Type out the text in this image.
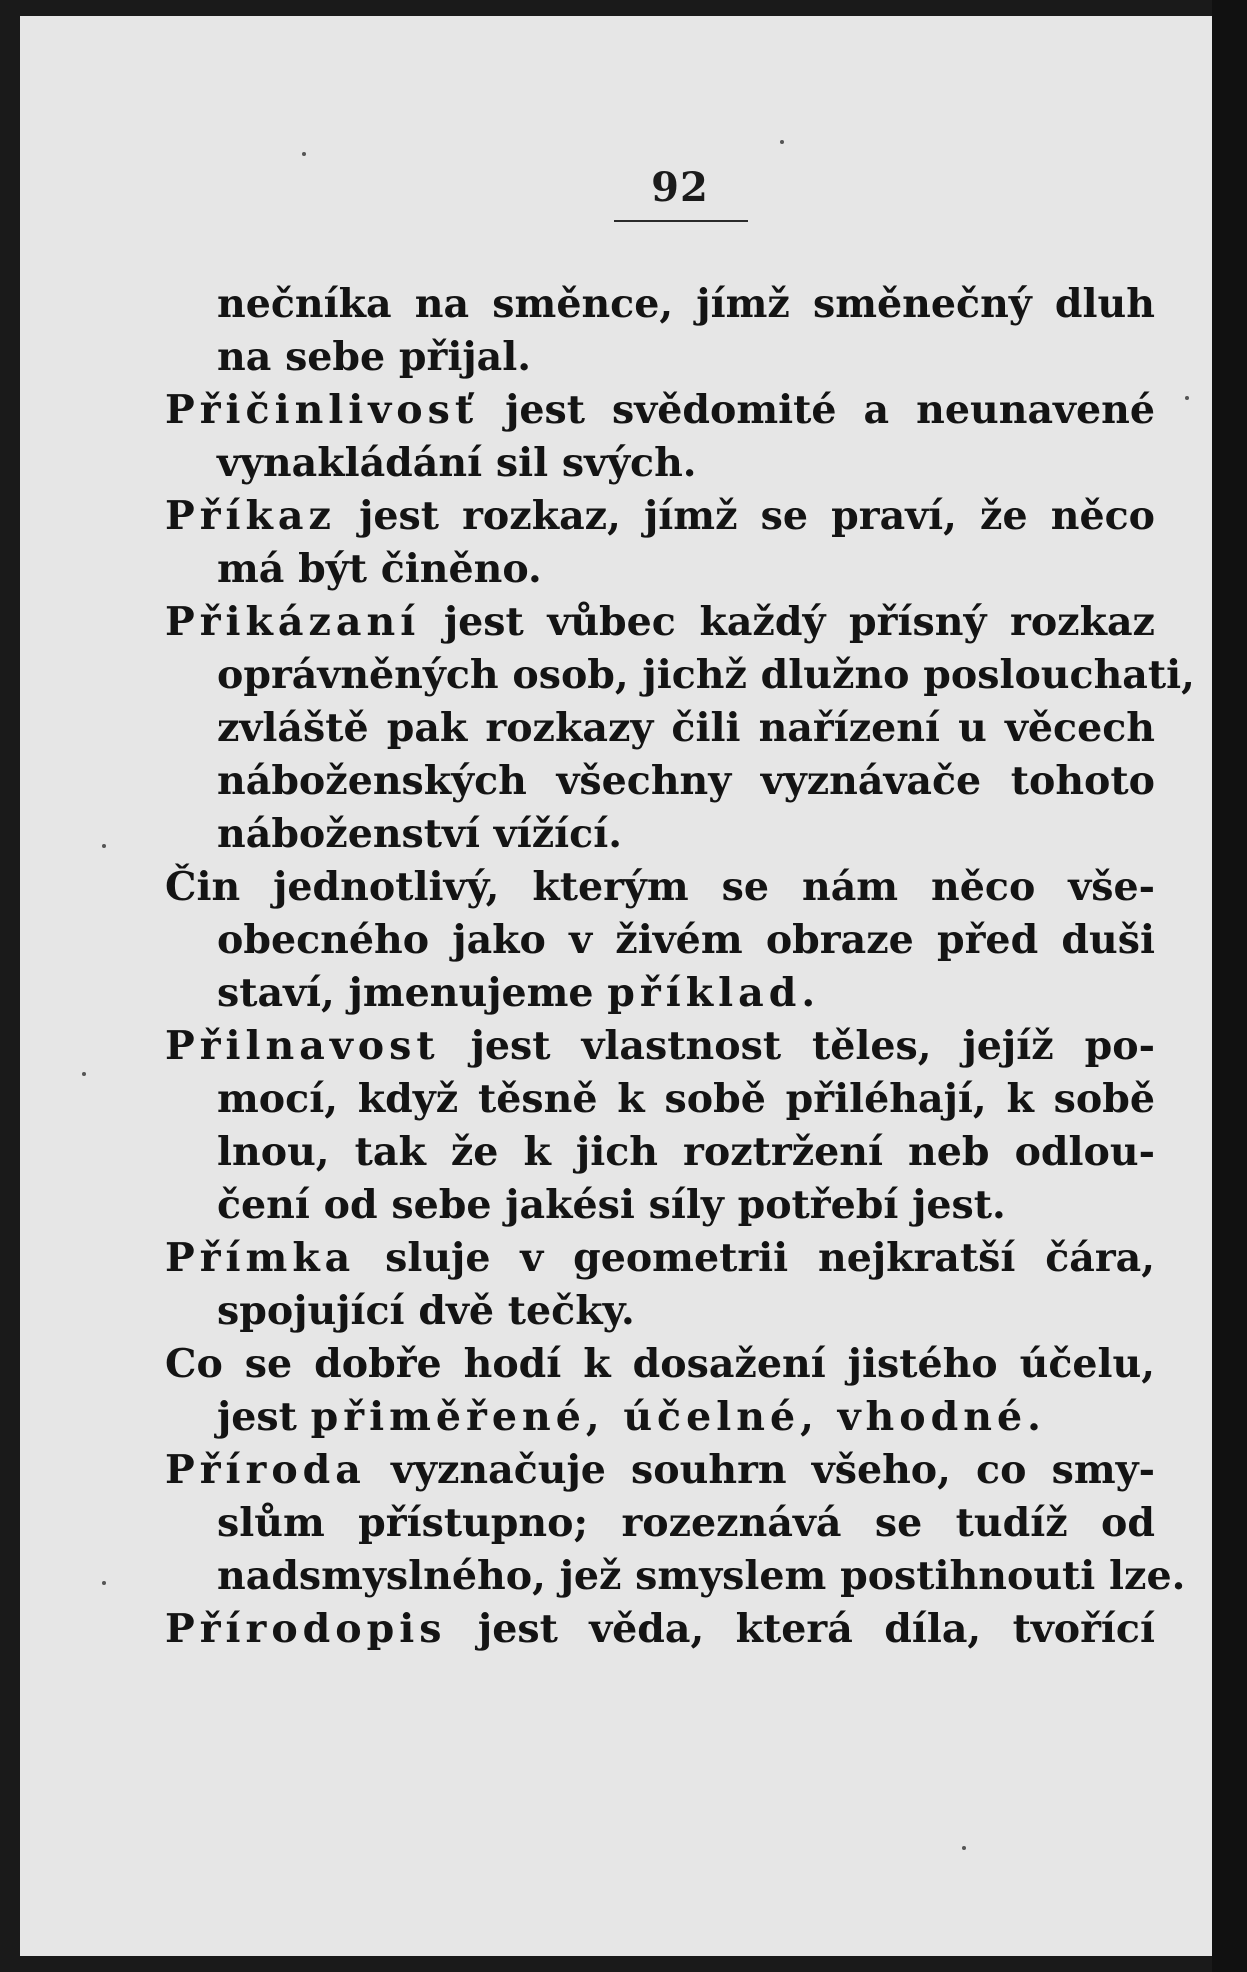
92
nečníka na směnce, jímž směnečný dluh
na sebe přijal.
Přičinlivosť jest svědomité a neunavené
vynakládání sil svých.
Příkaz jest rozkaz, jímž se praví, že něco
má být činěno.
Přikázaní jest vůbec každý přísný rozkaz
oprávněných osob, jichž dlužno poslouchati,
zvláště pak rozkazy čili nařízení u věcech
náboženských všechny vyznávače tohoto
náboženství vížící.
Čin jednotlivý, kterým se nám něco vše-
obecného jako v živém obraze před duši
staví, jmenujeme příklad.
Přilnavost jest vlastnost těles, jejíž po-
mocí, když těsně k sobě přiléhají, k sobě
lnou, tak že k jich roztržení neb odlou-
čení od sebe jakési síly potřebí jest.
Přímka sluje v geometrii nejkratší čára,
spojující dvě tečky.
Co se dobře hodí k dosažení jistého účelu,
jest přiměřené, účelné, vhodné.
Příroda vyznačuje souhrn všeho, co smy-
slům přístupno; rozeznává se tudíž od
nadsmyslného, jež smyslem postihnouti lze.
Přírodopis jest věda, která díla, tvořící
